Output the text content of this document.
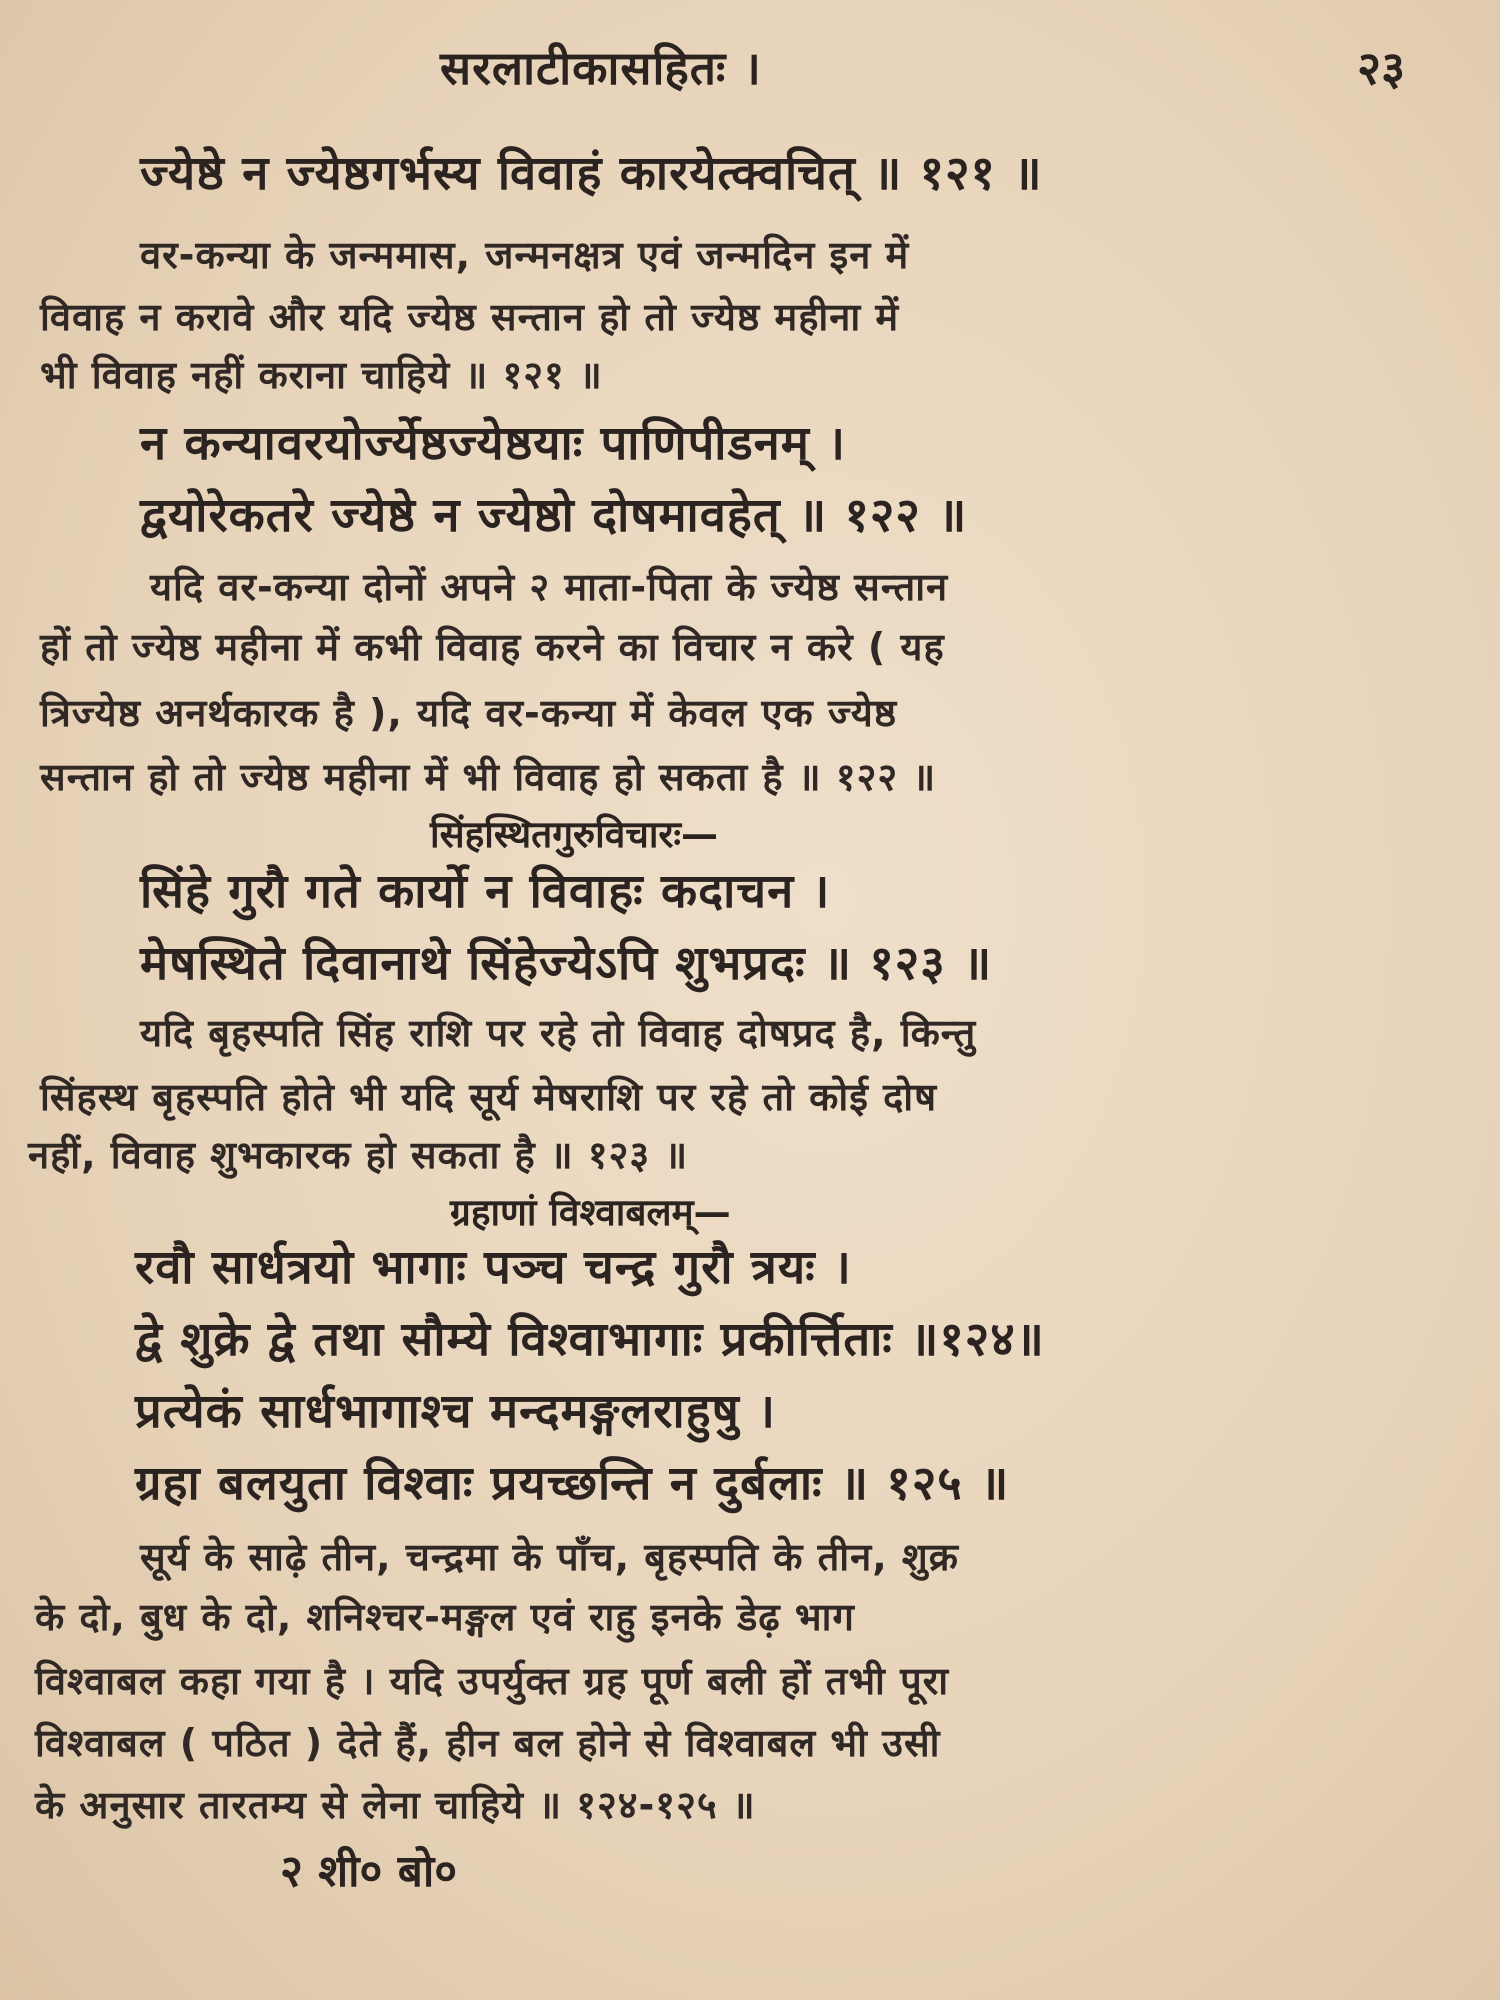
सरलाटीकासहितः ।	२३
ज्येष्ठे न ज्येष्ठगर्भस्य विवाहं कारयेत्क्वचित् ॥ १२१ ॥
वर-कन्या के जन्ममास, जन्मनक्षत्र एवं जन्मदिन इन में
विवाह न करावे और यदि ज्येष्ठ सन्तान हो तो ज्येष्ठ महीना में
भी विवाह नहीं कराना चाहिये ॥ १२१ ॥
न कन्यावरयोर्ज्येष्ठज्येष्ठयाः पाणिपीडनम् ।
द्वयोरेकतरे ज्येष्ठे न ज्येष्ठो दोषमावहेत् ॥ १२२ ॥
यदि वर-कन्या दोनों अपने २ माता-पिता के ज्येष्ठ सन्तान
हों तो ज्येष्ठ महीना में कभी विवाह करने का विचार न करे ( यह
त्रिज्येष्ठ अनर्थकारक है ), यदि वर-कन्या में केवल एक ज्येष्ठ
सन्तान हो तो ज्येष्ठ महीना में भी विवाह हो सकता है ॥ १२२ ॥
सिंहस्थितगुरुविचारः—
सिंहे गुरौ गते कार्यो न विवाहः कदाचन ।
मेषस्थिते दिवानाथे सिंहेज्येऽपि शुभप्रदः ॥ १२३ ॥
यदि बृहस्पति सिंह राशि पर रहे तो विवाह दोषप्रद है, किन्तु
सिंहस्थ बृहस्पति होते भी यदि सूर्य मेषराशि पर रहे तो कोई दोष
नहीं, विवाह शुभकारक हो सकता है ॥ १२३ ॥
ग्रहाणां विश्वाबलम्—
रवौ सार्धत्रयो भागाः पञ्च चन्द्र गुरौ त्रयः ।
द्वे शुक्रे द्वे तथा सौम्ये विश्वाभागाः प्रकीर्त्तिताः ॥१२४॥
प्रत्येकं सार्धभागाश्च मन्दमङ्गलराहुषु ।
ग्रहा बलयुता विश्वाः प्रयच्छन्ति न दुर्बलाः ॥ १२५ ॥
सूर्य के साढ़े तीन, चन्द्रमा के पाँच, बृहस्पति के तीन, शुक्र
के दो, बुध के दो, शनिश्चर-मङ्गल एवं राहु इनके डेढ़ भाग
विश्वाबल कहा गया है । यदि उपर्युक्त ग्रह पूर्ण बली हों तभी पूरा
विश्वाबल ( पठित ) देते हैं, हीन बल होने से विश्वाबल भी उसी
के अनुसार तारतम्य से लेना चाहिये ॥ १२४-१२५ ॥
२ शी० बो०
